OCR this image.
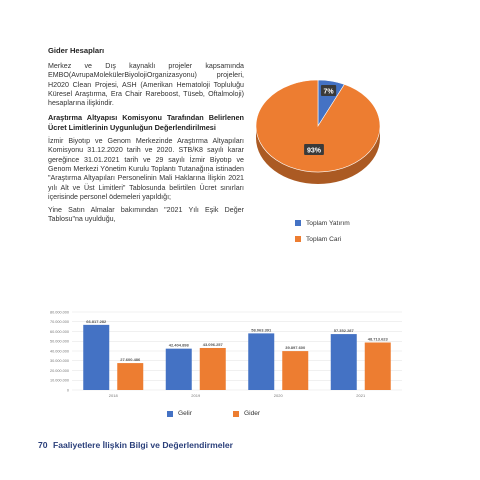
Gider Hesapları

Merkez ve Dış kaynaklı projeler kapsamında EMBO(AvrupaMolekülerBiyolojiOrganizasyonu) projeleri, H2020 Clean Projesi, ASH (Amerikan Hematoloji Topluluğu Küresel Araştırma, Era Chair Rareboost, Tüseb, Oftalmoloji) hesaplarına ilişkindir.

Araştırma Altyapısı Komisyonu Tarafından Belirlenen Ücret Limitlerinin Uygunluğun Değerlendirilmesi

İzmir Biyotıp ve Genom Merkezinde Araştırma Altyapıları Komisyonu 31.12.2020 tarih ve 2020. STB/K8 sayılı karar gereğince 31.01.2021 tarih ve 29 sayılı İzmir Biyotıp ve Genom Merkezi Yönetim Kurulu Toplantı Tutanağına istinaden "Araştırma Altyapıları Personelinin Mali Haklarına İlişkin 2021 yılı Alt ve Üst Limitleri" Tablosunda belirtilen Ücret sınırları içerisinde personel ödemeleri yapıldığı;

Yine Satın Almalar bakımından "2021 Yılı Eşik Değer Tablosu"na uyulduğu,

7%
93%
Toplam Yatırım
Toplam Cari
0
10.000.000
20.000.000
30.000.000
40.000.000
50.000.000
60.000.000
70.000.000
80.000.000
66.817.282
27.600.486
2018
42.404.898	43.096.257
2019
58.063.391
39.897.600
2020
57.352.287
48.713.623
2021
Gelir	Gider
70 Faaliyetlere İlişkin Bilgi ve Değerlendirmeler
